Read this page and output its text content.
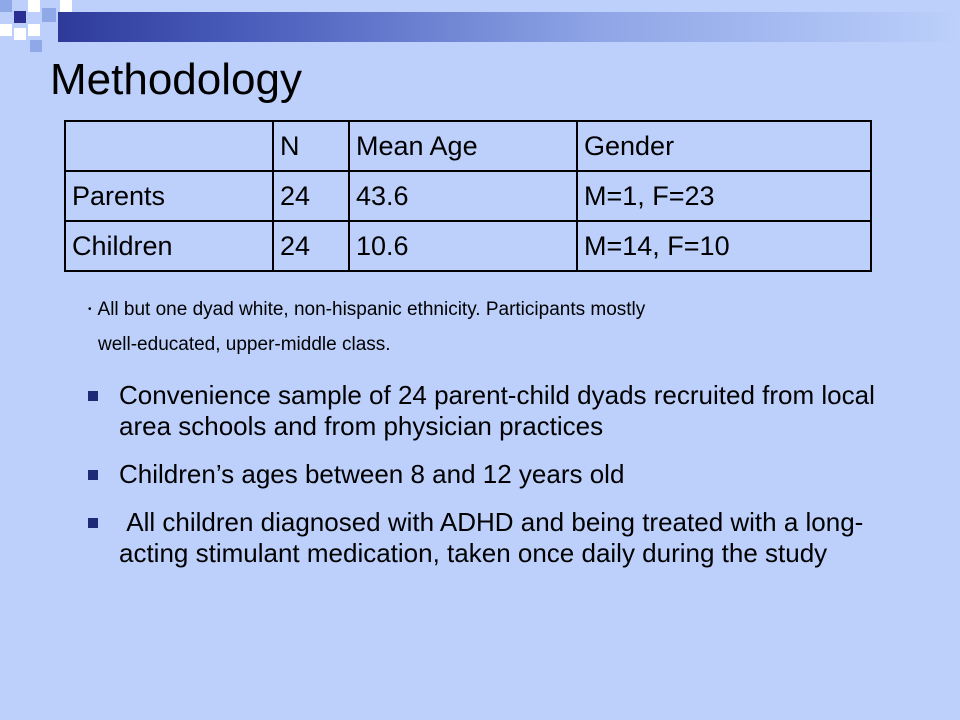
Methodology
	N	Mean Age	Gender
Parents	24	43.6	M=1, F=23
Children	24	10.6	M=14, F=10
• All but one dyad white, non-hispanic ethnicity. Participants mostly
well-educated, upper-middle class.
Convenience sample of 24 parent-child dyads recruited from local area schools and from physician practices
Children’s ages between 8 and 12 years old
All children diagnosed with ADHD and being treated with a long-acting stimulant medication, taken once daily during the study
